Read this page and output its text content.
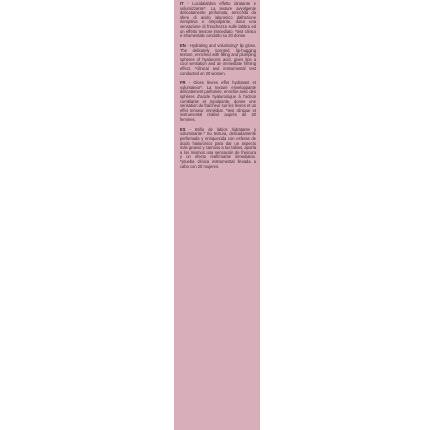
IT - Lucidalabbra effetto idratante e volumizzante*. La texture avvolgente delicatamente profumata, arricchita da sfere di acido ialuronico dall'azione riempitiva e rimpolpante, dona una sensazione di freschezza sulle labbra ed un effetto tensore immediato. *test clinico e strumentale condotto su 20 donne.

EN - Hydrating and volumising* lip gloss. The delicately scented, lip-hugging texture, enriched with filling and plumping spheres of hyaluronic acid, gives lips a cool sensation and an immediate firming effect. *clinical and instrumental test conducted on 20 women.

FR - Gloss lèvres effet hydratant et volumateur*. La texture enveloppante délicatement parfumée, enrichie avec des sphères d'acide hyaluronique à l'action comblante et repulpante, donne une sensation de fraîcheur sur les lèvres et un effet tenseur immédiat. *test clinique et instrumental réalisé auprès de 20 femmes.

ES - Brillo de labios hidratante y voluminante.* Su textura, delicadamente perfumada y enriquecida con esferas de ácido hialurónico para dar un aspecto más grueso y carnoso a tus labios, aporta a los mismos una sensación de frescura y un efecto reafirmante inmediatos. *prueba clínica instrumental llevada a cabo con 20 mujeres.
